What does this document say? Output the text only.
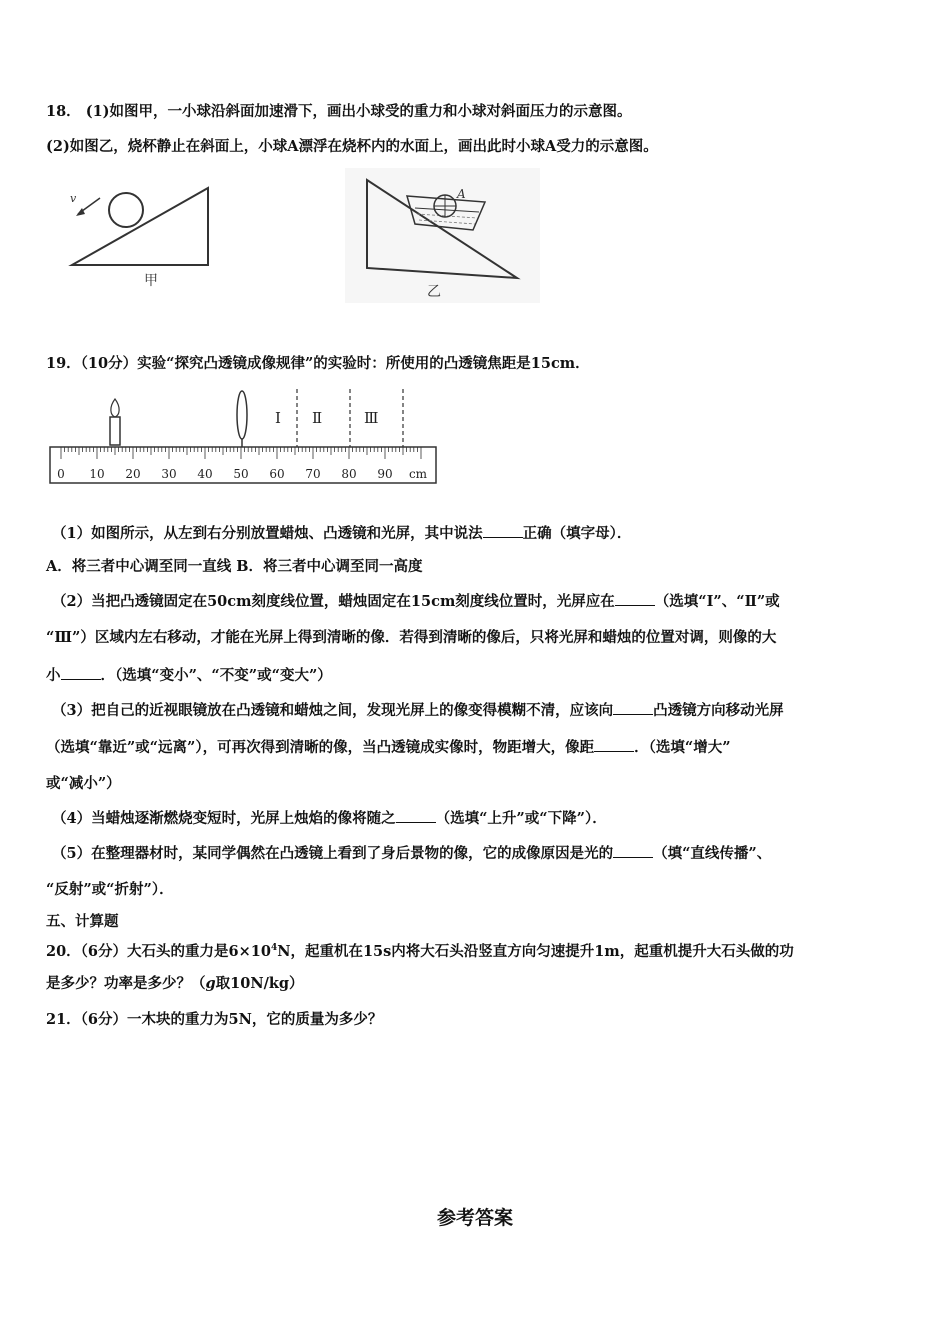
18． (1)如图甲，一小球沿斜面加速滑下，画出小球受的重力和小球对斜面压力的示意图。
(2)如图乙，烧杯静止在斜面上，小球A漂浮在烧杯内的水面上，画出此时小球A受力的示意图。
v
甲
A
乙
19．（10分）实验“探究凸透镜成像规律”的实验时：所使用的凸透镜焦距是15cm．
Ⅰ Ⅱ	Ⅲ
0 10 20 30 40 50 60 70 80 90 cm
（1）如图所示，从左到右分别放置蜡烛、凸透镜和光屏，其中说法	正确（填字母）．
A．将三者中心调至同一直线 B．将三者中心调至同一高度
（2）当把凸透镜固定在50cm刻度线位置，蜡烛固定在15cm刻度线位置时，光屏应在	（选填“Ⅰ”、“Ⅱ”或
“Ⅲ”）区域内左右移动，才能在光屏上得到清晰的像．若得到清晰的像后，只将光屏和蜡烛的位置对调，则像的大
小	．（选填“变小”、“不变”或“变大”）
（3）把自己的近视眼镜放在凸透镜和蜡烛之间，发现光屏上的像变得模糊不清，应该向	凸透镜方向移动光屏
（选填“靠近”或“远离”），可再次得到清晰的像，当凸透镜成实像时，物距增大，像距	．（选填“增大”
或“减小”）
（4）当蜡烛逐渐燃烧变短时，光屏上烛焰的像将随之	（选填“上升”或“下降”）．
（5）在整理器材时，某同学偶然在凸透镜上看到了身后景物的像，它的成像原因是光的	（填“直线传播”、
“反射”或“折射”）．
五、计算题
20．（6分）大石头的重力是$6\times 10^4N$，起重机在15s内将大石头沿竖直方向匀速提升1m，起重机提升大石头做的功
是多少？功率是多少？（g取10N/kg）
21．（6分）一木块的重力为5N，它的质量为多少？
参考答案
